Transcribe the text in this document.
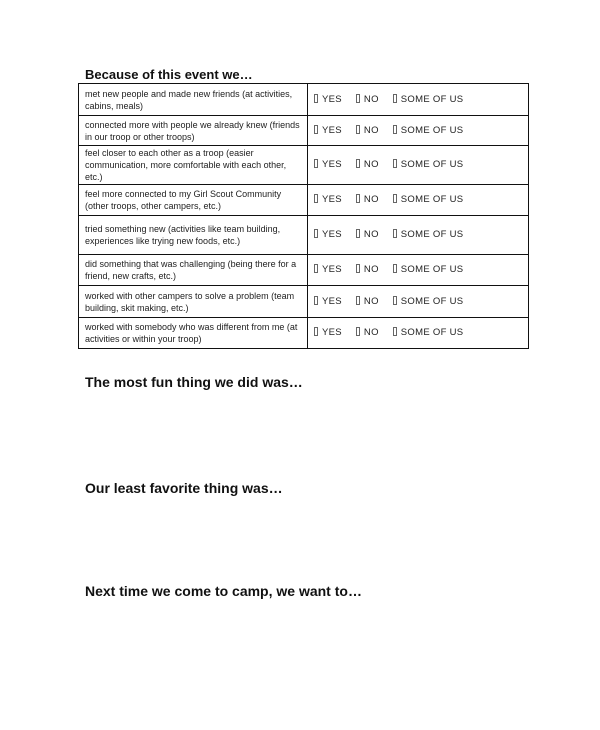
Because of this event we…
met new people and made new friends (at activities, cabins, meals)	YES NO SOME OF US
connected more with people we already knew (friends in our troop or other troops)	YES NO SOME OF US
feel closer to each other as a troop (easier communication, more comfortable with each other, etc.)	YES NO SOME OF US
feel more connected to my Girl Scout Community (other troops, other campers, etc.)	YES NO SOME OF US
tried something new (activities like team building, experiences like trying new foods, etc.)	YES NO SOME OF US
did something that was challenging (being there for a friend, new crafts, etc.)	YES NO SOME OF US
worked with other campers to solve a problem (team building, skit making, etc.)	YES NO SOME OF US
worked with somebody who was different from me (at activities or within your troop)	YES NO SOME OF US
The most fun thing we did was…
Our least favorite thing was…
Next time we come to camp, we want to…
